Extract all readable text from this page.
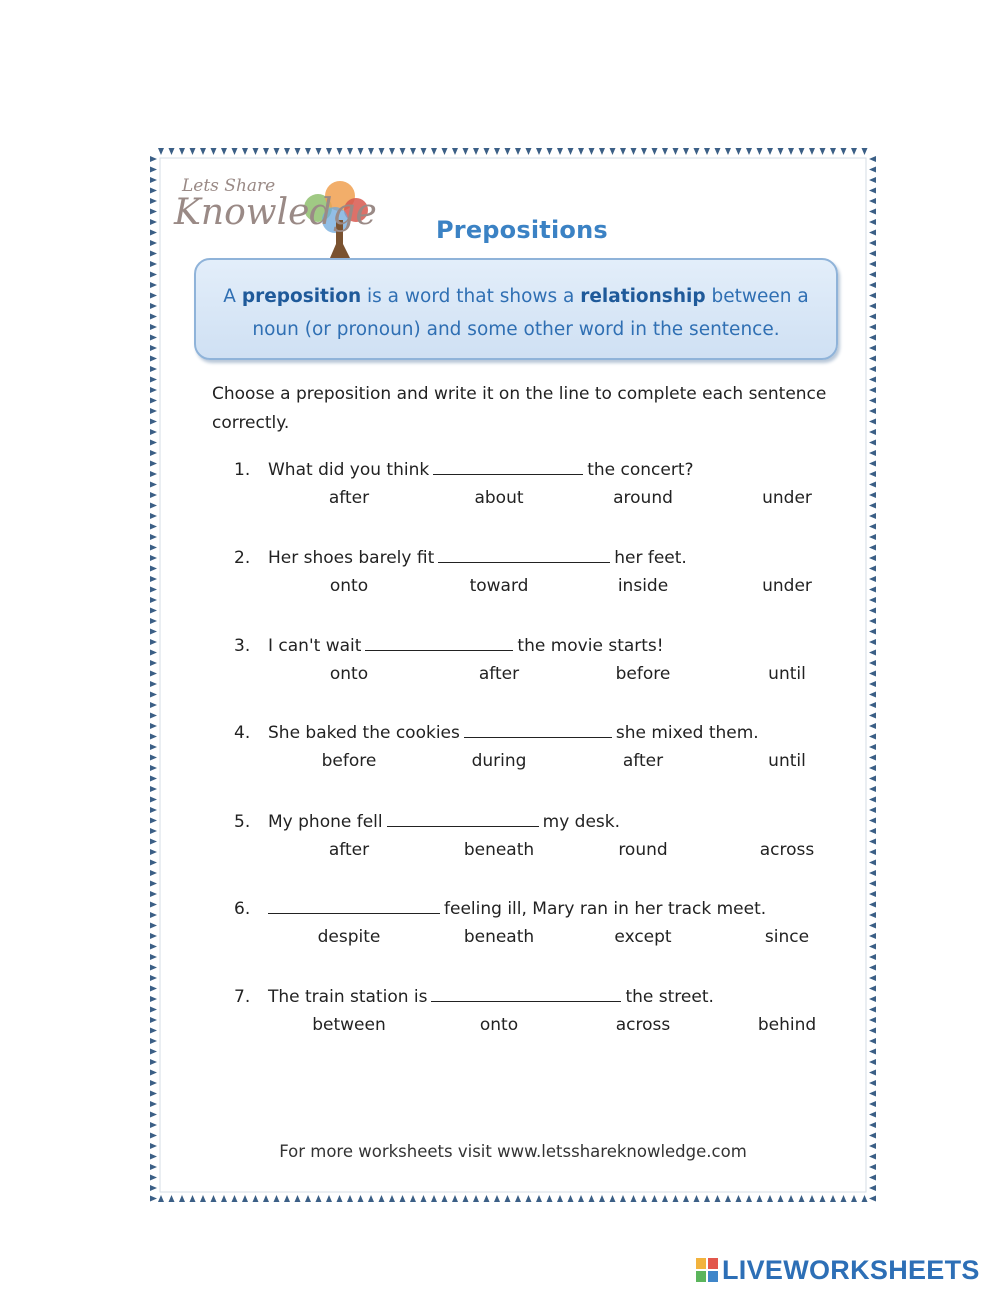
Lets Share
Knowledge Prepositions
A preposition is a word that shows a relationship between a
noun (or pronoun) and some other word in the sentence.
Choose a preposition and write it on the line to complete each sentence correctly.
1. What did you think	the concert?
after	about	around	under
2. Her shoes barely fit	her feet.
onto	toward	inside	under
3. I can't wait	the movie starts!
onto	after	before	until
4. She baked the cookies	she mixed them.
before	during	after	until
5. My phone fell	my desk.
after	beneath	round	across
6.	feeling ill, Mary ran in her track meet.
despite	beneath	except	since
7. The train station is	the street.
between	onto	across	behind
For more worksheets visit www.letsshareknowledge.com
LIVEWORKSHEETS
